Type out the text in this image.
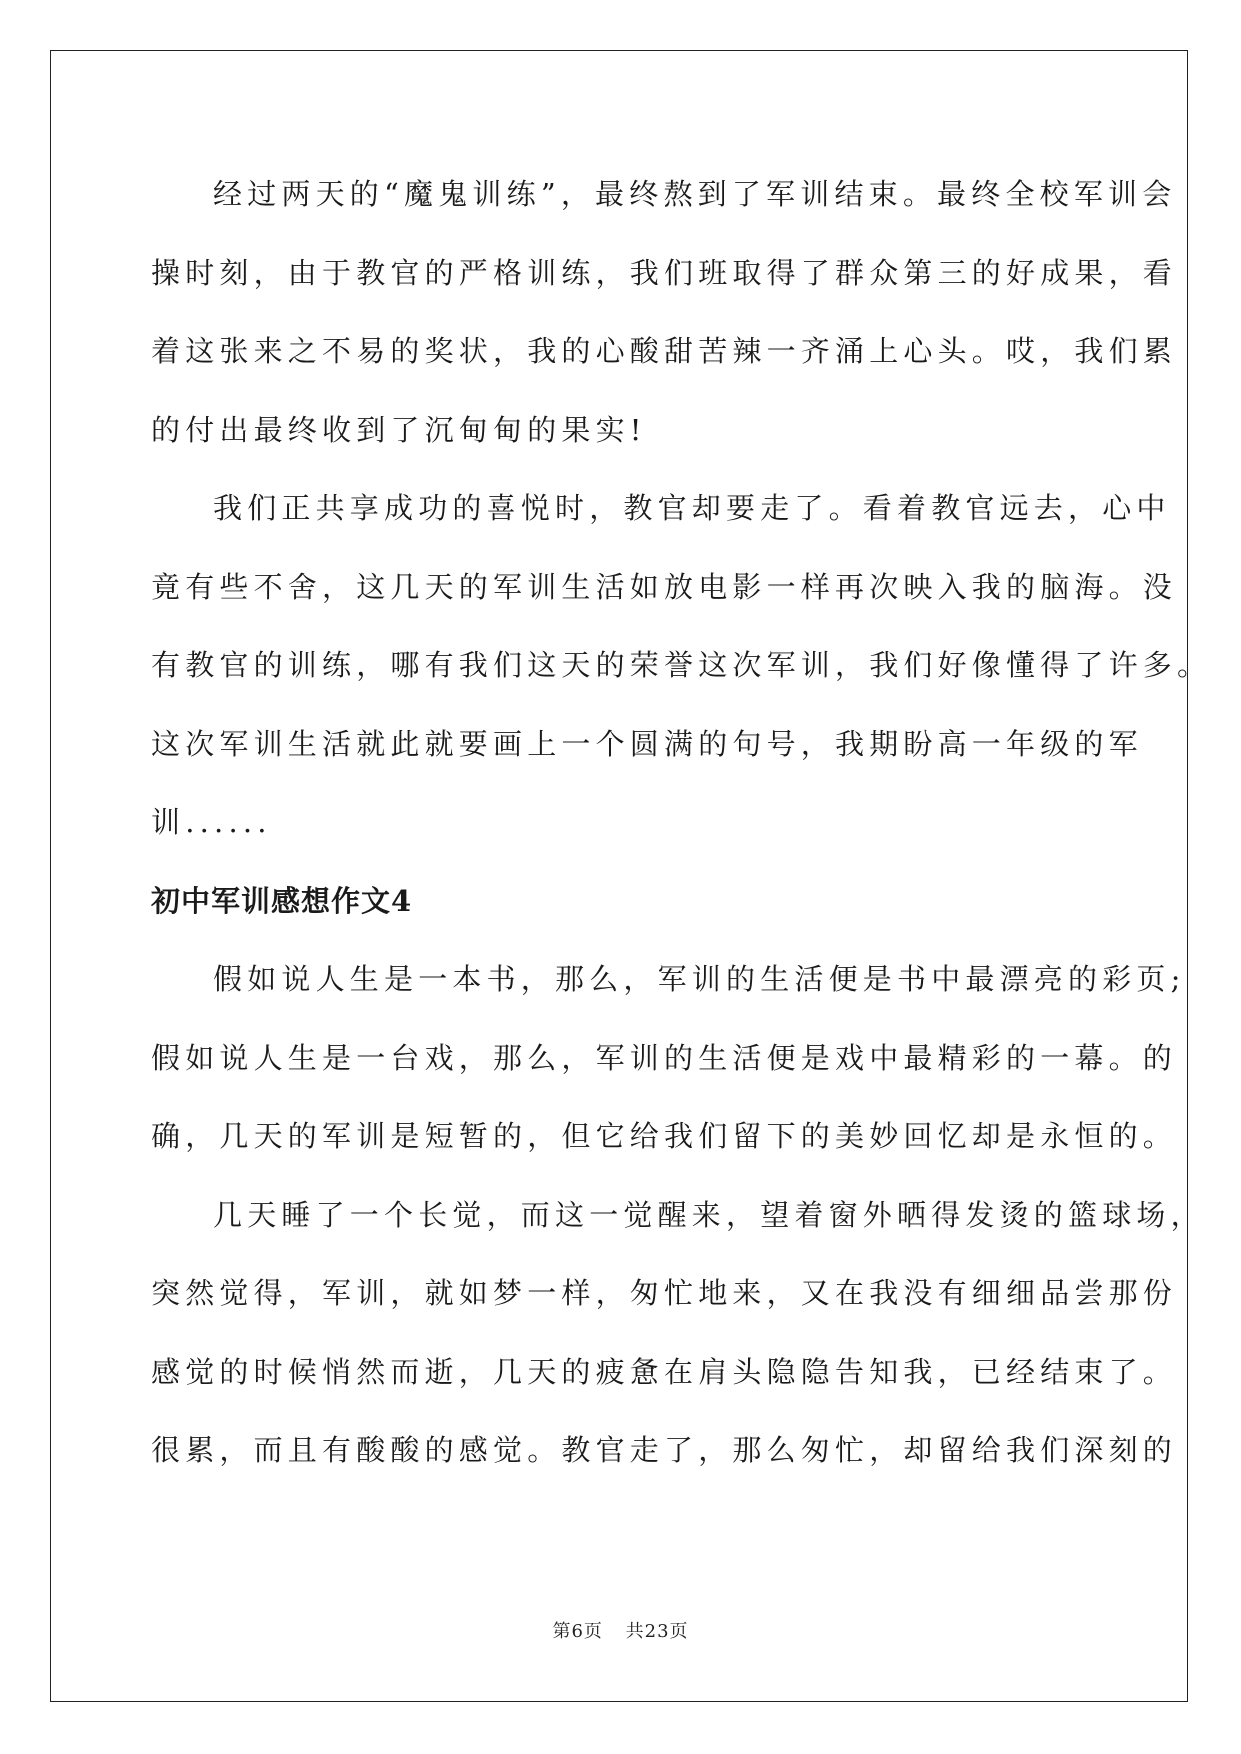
经过两天的“魔鬼训练”，最终熬到了军训结束。最终全校军训会
操时刻，由于教官的严格训练，我们班取得了群众第三的好成果，看
着这张来之不易的奖状，我的心酸甜苦辣一齐涌上心头。哎，我们累
的付出最终收到了沉甸甸的果实!

我们正共享成功的喜悦时，教官却要走了。看着教官远去，心中
竟有些不舍，这几天的军训生活如放电影一样再次映入我的脑海。没
有教官的训练，哪有我们这天的荣誉这次军训，我们好像懂得了许多。
这次军训生活就此就要画上一个圆满的句号，我期盼高一年级的军
训......

初中军训感想作文4

假如说人生是一本书，那么，军训的生活便是书中最漂亮的彩页;
假如说人生是一台戏，那么，军训的生活便是戏中最精彩的一幕。的
确，几天的军训是短暂的，但它给我们留下的美妙回忆却是永恒的。

几天睡了一个长觉，而这一觉醒来，望着窗外晒得发烫的篮球场，
突然觉得，军训，就如梦一样，匆忙地来，又在我没有细细品尝那份
感觉的时候悄然而逝，几天的疲惫在肩头隐隐告知我，已经结束了。
很累，而且有酸酸的感觉。教官走了，那么匆忙，却留给我们深刻的

第6页 共23页
